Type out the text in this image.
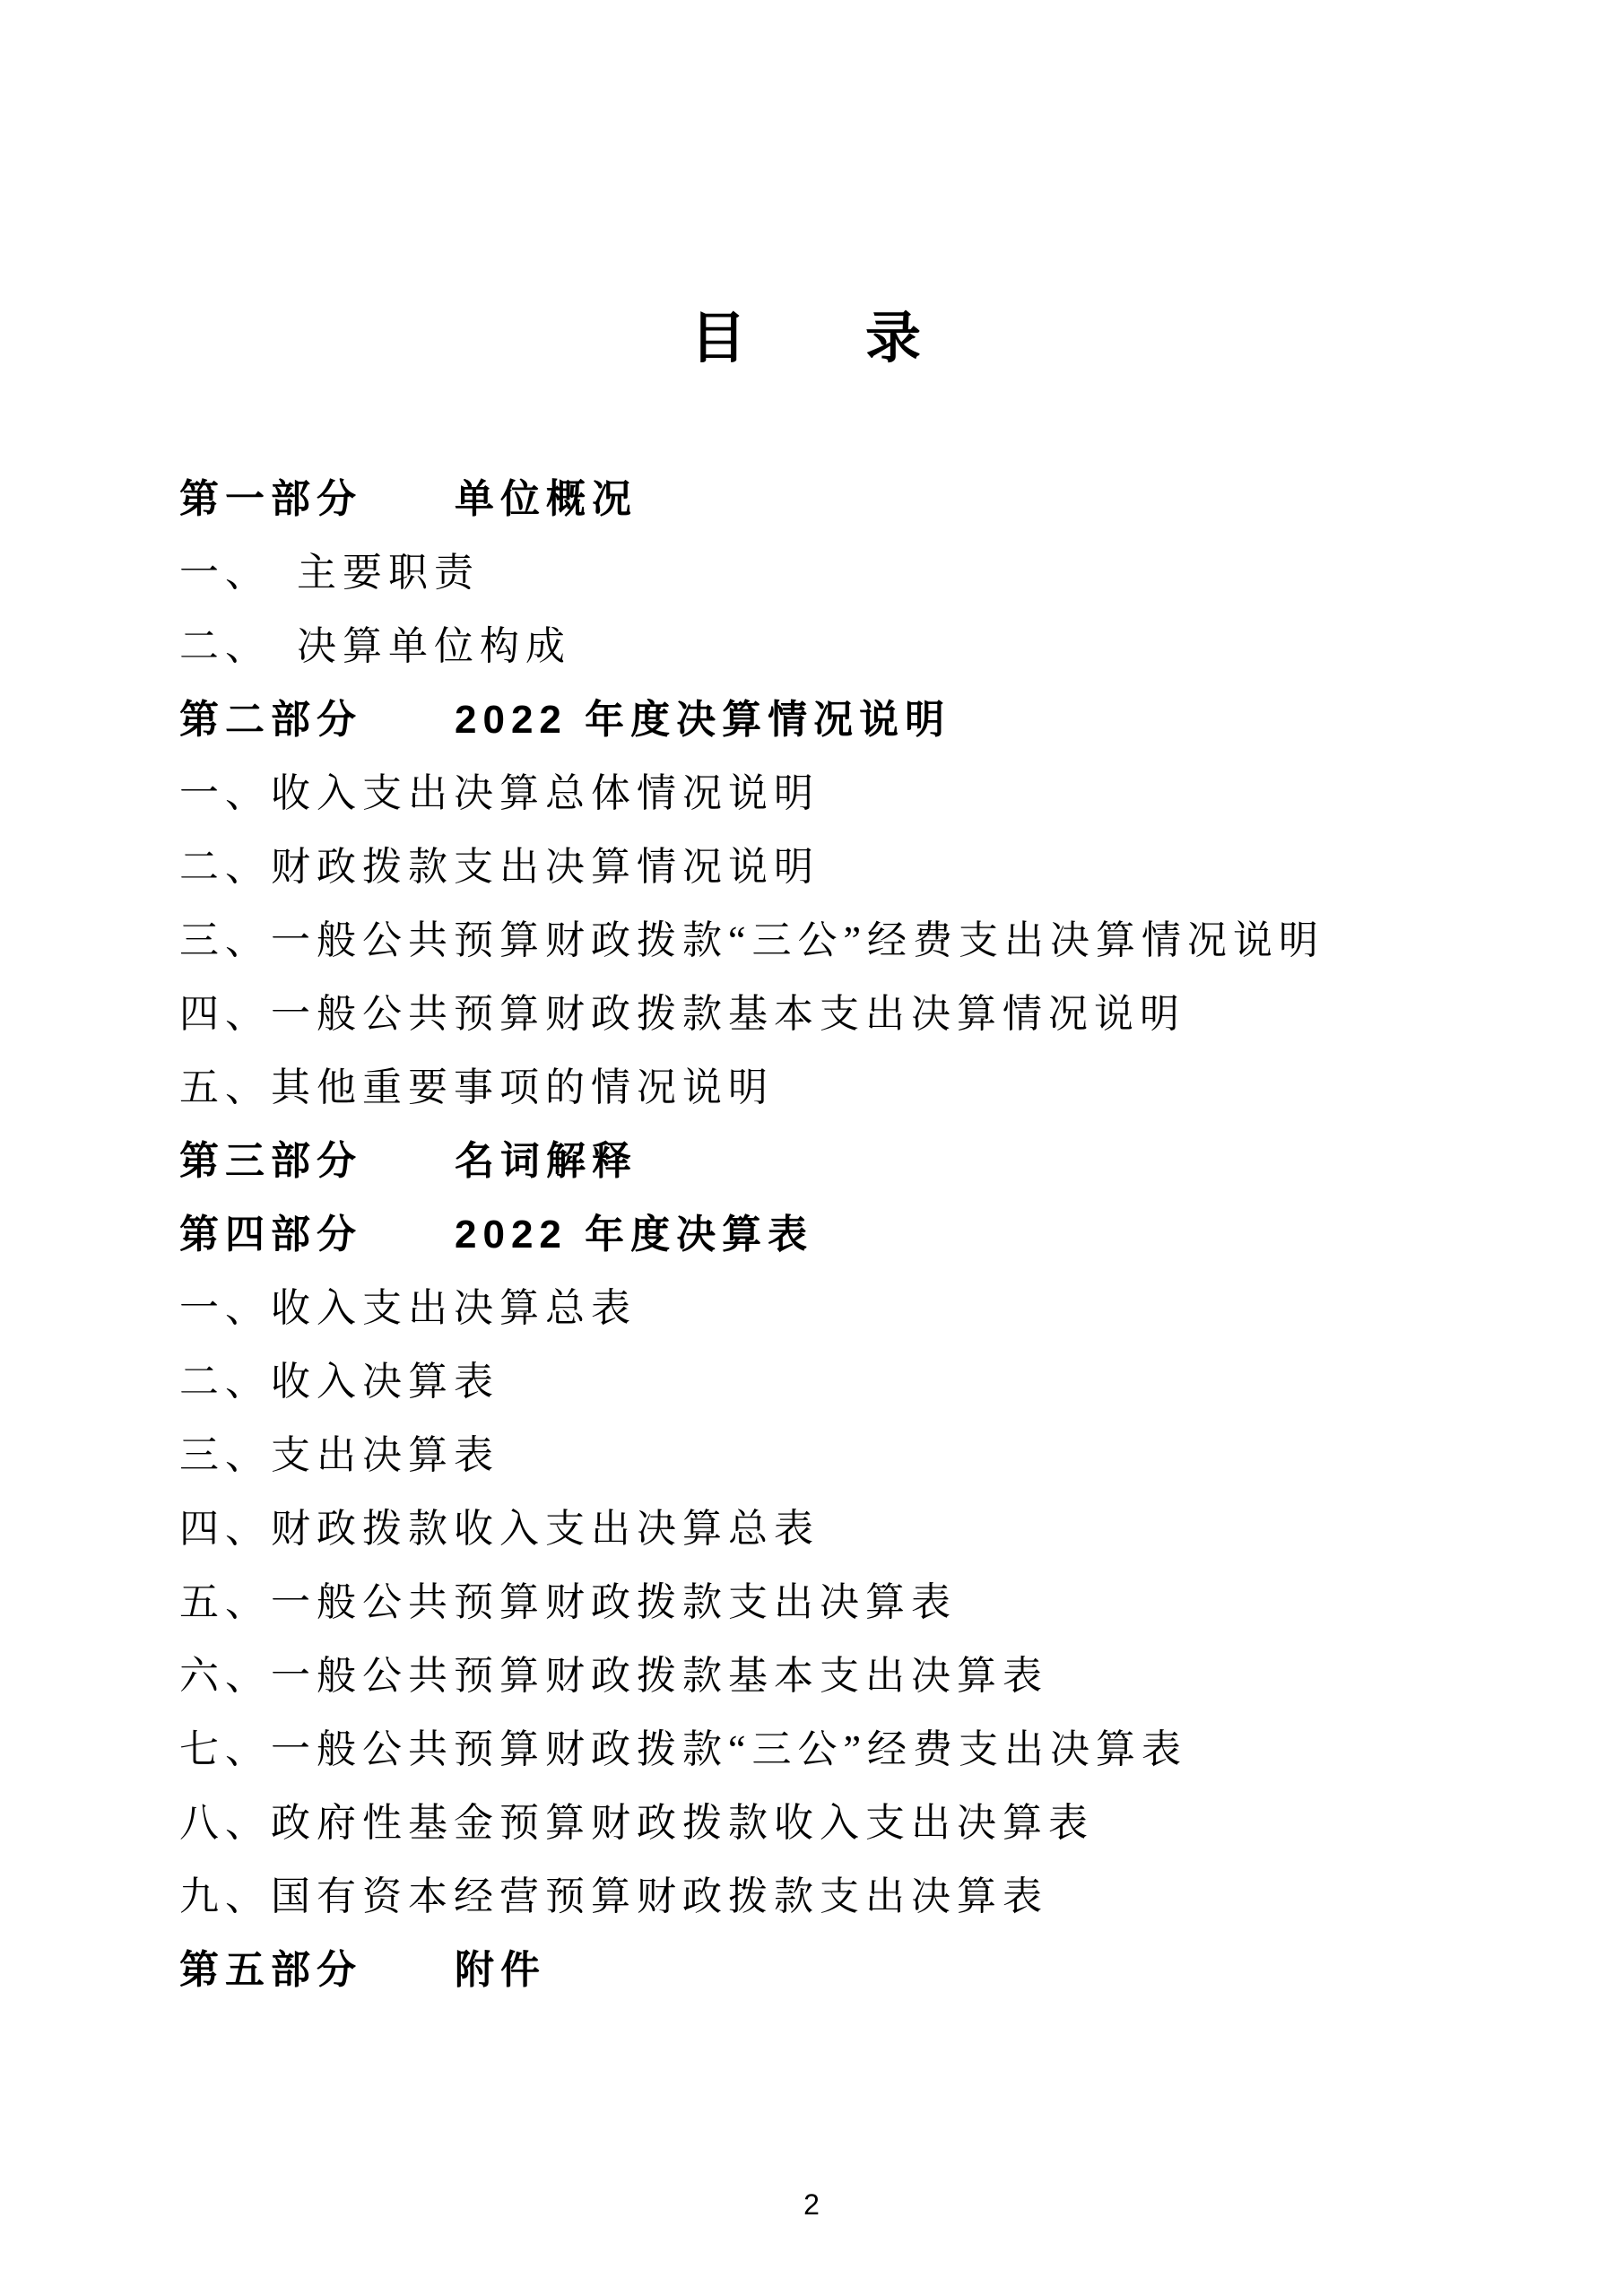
目　　录
第一部分 单位概况
一、　主要职责
二、　决算单位构成
第二部分 2022 年度决算情况说明
一、收入支出决算总体情况说明
二、财政拨款支出决算情况说明
三、一般公共预算财政拨款“三公”经费支出决算情况说明
四、一般公共预算财政拨款基本支出决算情况说明
五、其他重要事项的情况说明
第三部分 名词解释
第四部分 2022 年度决算表
一、收入支出决算总表
二、收入决算表
三、支出决算表
四、财政拨款收入支出决算总表
五、一般公共预算财政拨款支出决算表
六、一般公共预算财政拨款基本支出决算表
七、一般公共预算财政拨款“三公”经费支出决算表
八、政府性基金预算财政拨款收入支出决算表
九、国有资本经营预算财政拨款支出决算表
第五部分 附件
2
